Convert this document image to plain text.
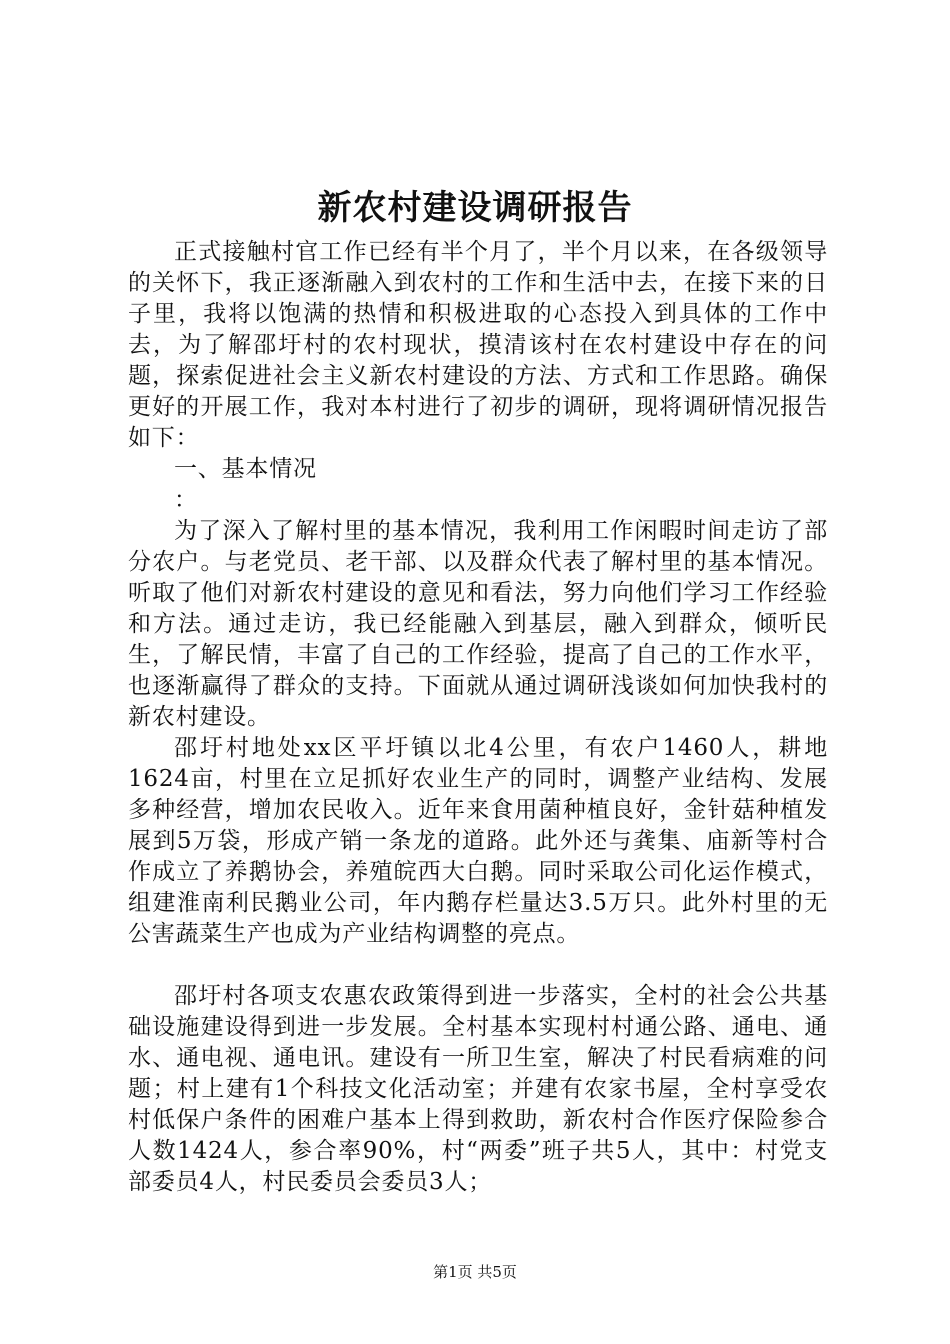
新农村建设调研报告

正式接触村官工作已经有半个月了，半个月以来，在各级领导的关怀下，我正逐渐融入到农村的工作和生活中去，在接下来的日子里，我将以饱满的热情和积极进取的心态投入到具体的工作中去，为了解邵圩村的农村现状，摸清该村在农村建设中存在的问题，探索促进社会主义新农村建设的方法、方式和工作思路。确保更好的开展工作，我对本村进行了初步的调研，现将调研情况报告如下：

一、基本情况

：

为了深入了解村里的基本情况，我利用工作闲暇时间走访了部分农户。与老党员、老干部、以及群众代表了解村里的基本情况。听取了他们对新农村建设的意见和看法，努力向他们学习工作经验和方法。通过走访，我已经能融入到基层，融入到群众，倾听民生，了解民情，丰富了自己的工作经验，提高了自己的工作水平，也逐渐赢得了群众的支持。下面就从通过调研浅谈如何加快我村的新农村建设。

邵圩村地处xx区平圩镇以北4公里，有农户1460人，耕地1624亩，村里在立足抓好农业生产的同时，调整产业结构、发展多种经营，增加农民收入。近年来食用菌种植良好，金针菇种植发展到5万袋，形成产销一条龙的道路。此外还与龚集、庙新等村合作成立了养鹅协会，养殖皖西大白鹅。同时采取公司化运作模式，组建淮南利民鹅业公司，年内鹅存栏量达3.5万只。此外村里的无公害蔬菜生产也成为产业结构调整的亮点。

邵圩村各项支农惠农政策得到进一步落实，全村的社会公共基础设施建设得到进一步发展。全村基本实现村村通公路、通电、通水、通电视、通电讯。建设有一所卫生室，解决了村民看病难的问题；村上建有1个科技文化活动室；并建有农家书屋，全村享受农村低保户条件的困难户基本上得到救助，新农村合作医疗保险参合人数1424人，参合率90%，村“两委”班子共5人，其中：村党支部委员4人，村民委员会委员3人；

第1页 共5页
